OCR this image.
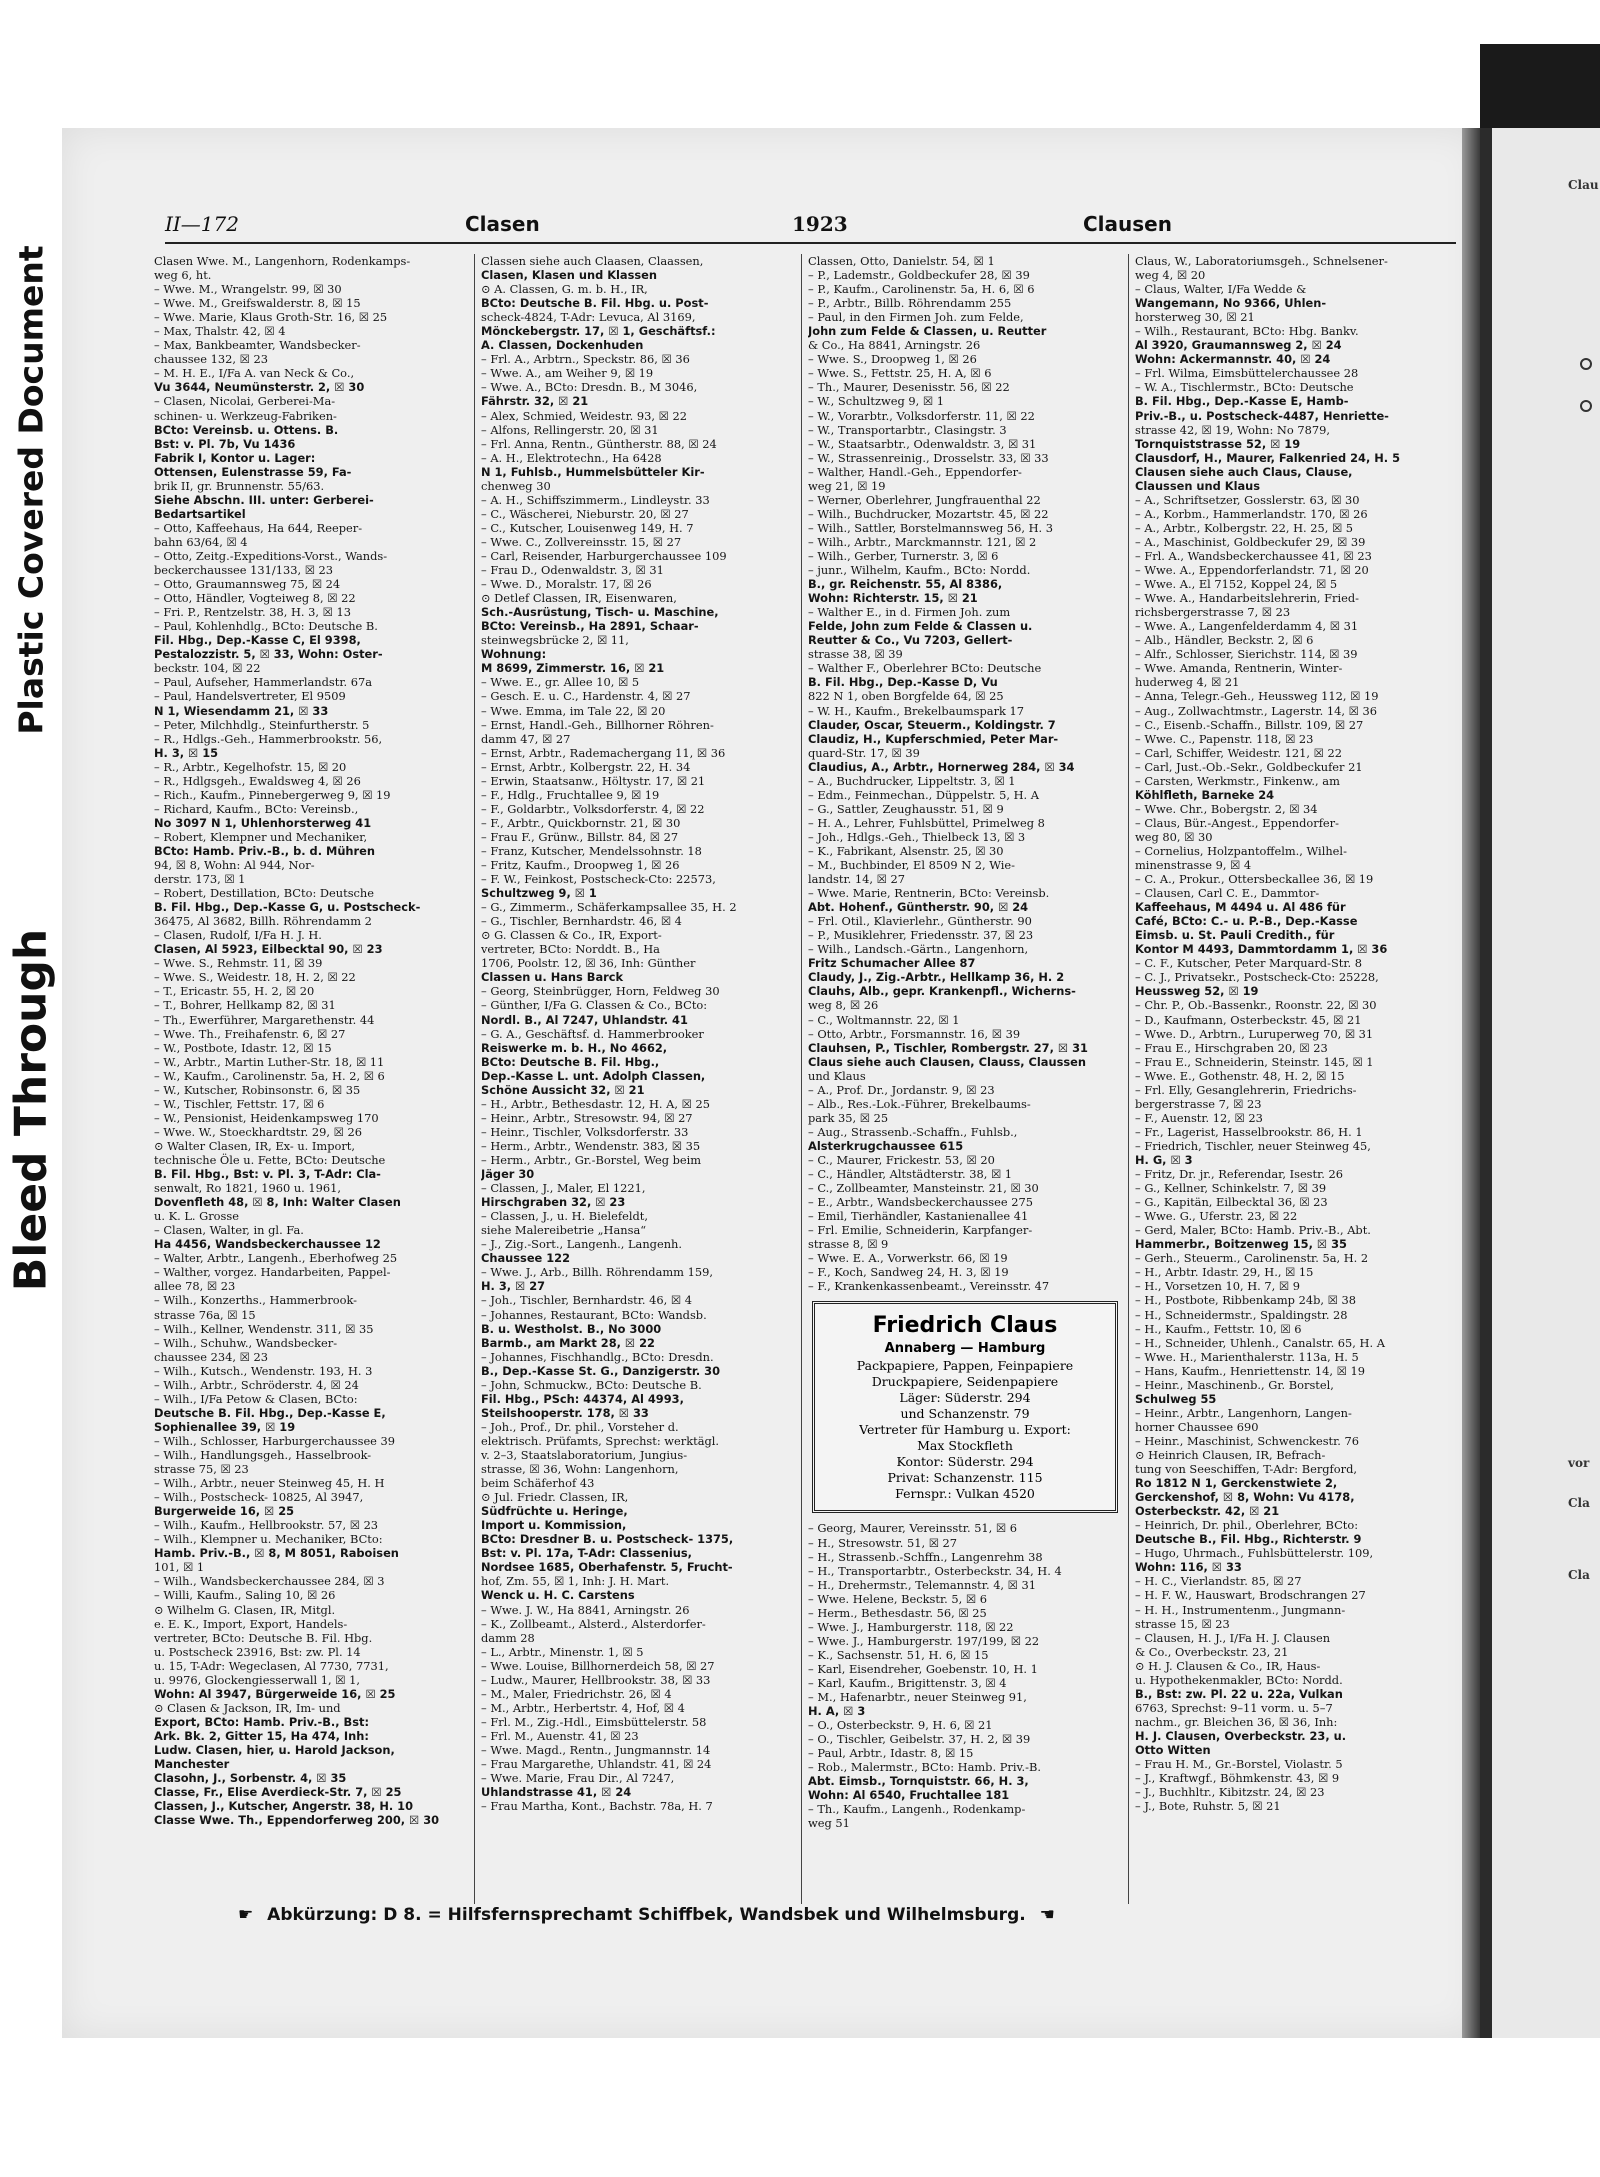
Plastic Covered Document
Bleed Through
Clau
vor
Cla
Cla
II—172	Clasen	1923	Clausen
Clasen Wwe. M., Langenhorn, Rodenkamps-
weg 6, ht.
– Wwe. M., Wrangelstr. 99, ☒ 30
– Wwe. M., Greifswalderstr. 8, ☒ 15
– Wwe. Marie, Klaus Groth-Str. 16, ☒ 25
– Max, Thalstr. 42, ☒ 4
– Max, Bankbeamter, Wandsbecker-
chaussee 132, ☒ 23
– M. H. E., I/Fa A. van Neck & Co.,
Vu 3644, Neumünsterstr. 2, ☒ 30
– Clasen, Nicolai, Gerberei-Ma-
schinen- u. Werkzeug-Fabriken-
BCto: Vereinsb. u. Ottens. B.
Bst: v. Pl. 7b, Vu 1436
Fabrik I, Kontor u. Lager:
Ottensen, Eulenstrasse 59, Fa-
brik II, gr. Brunnenstr. 55/63.
Siehe Abschn. III. unter: Gerberei-
Bedartsartikel
– Otto, Kaffeehaus, Ha 644, Reeper-
bahn 63/64, ☒ 4
– Otto, Zeitg.-Expeditions-Vorst., Wands-
beckerchaussee 131/133, ☒ 23
– Otto, Graumannsweg 75, ☒ 24
– Otto, Händler, Vogteiweg 8, ☒ 22
– Fri. P., Rentzelstr. 38, H. 3, ☒ 13
– Paul, Kohlenhdlg., BCto: Deutsche B.
Fil. Hbg., Dep.-Kasse C, El 9398,
Pestalozzistr. 5, ☒ 33, Wohn: Oster-
beckstr. 104, ☒ 22
– Paul, Aufseher, Hammerlandstr. 67a
– Paul, Handelsvertreter, El 9509
N 1, Wiesendamm 21, ☒ 33
– Peter, Milchhdlg., Steinfurtherstr. 5
– R., Hdlgs.-Geh., Hammerbrookstr. 56,
H. 3, ☒ 15
– R., Arbtr., Kegelhofstr. 15, ☒ 20
– R., Hdlgsgeh., Ewaldsweg 4, ☒ 26
– Rich., Kaufm., Pinnebergerweg 9, ☒ 19
– Richard, Kaufm., BCto: Vereinsb.,
No 3097 N 1, Uhlenhorsterweg 41
– Robert, Klempner und Mechaniker,
BCto: Hamb. Priv.-B., b. d. Mühren
94, ☒ 8, Wohn: Al 944, Nor-
derstr. 173, ☒ 1
– Robert, Destillation, BCto: Deutsche
B. Fil. Hbg., Dep.-Kasse G, u. Postscheck-
36475, Al 3682, Billh. Röhrendamm 2
– Clasen, Rudolf, I/Fa H. J. H.
Clasen, Al 5923, Eilbecktal 90, ☒ 23
– Wwe. S., Rehmstr. 11, ☒ 39
– Wwe. S., Weidestr. 18, H. 2, ☒ 22
– T., Ericastr. 55, H. 2, ☒ 20
– T., Bohrer, Hellkamp 82, ☒ 31
– Th., Ewerführer, Margarethenstr. 44
– Wwe. Th., Freihafenstr. 6, ☒ 27
– W., Postbote, Idastr. 12, ☒ 15
– W., Arbtr., Martin Luther-Str. 18, ☒ 11
– W., Kaufm., Carolinenstr. 5a, H. 2, ☒ 6
– W., Kutscher, Robinsonstr. 6, ☒ 35
– W., Tischler, Fettstr. 17, ☒ 6
– W., Pensionist, Heidenkampsweg 170
– Wwe. W., Stoeckhardtstr. 29, ☒ 26
⊙ Walter Clasen, IR, Ex- u. Import,
technische Öle u. Fette, BCto: Deutsche
B. Fil. Hbg., Bst: v. Pl. 3, T-Adr: Cla-
senwalt, Ro 1821, 1960 u. 1961,
Dovenfleth 48, ☒ 8, Inh: Walter Clasen
u. K. L. Grosse
– Clasen, Walter, in gl. Fa.
Ha 4456, Wandsbeckerchaussee 12
– Walter, Arbtr., Langenh., Eberhofweg 25
– Walther, vorgez. Handarbeiten, Pappel-
allee 78, ☒ 23
– Wilh., Konzerths., Hammerbrook-
strasse 76a, ☒ 15
– Wilh., Kellner, Wendenstr. 311, ☒ 35
– Wilh., Schuhw., Wandsbecker-
chaussee 234, ☒ 23
– Wilh., Kutsch., Wendenstr. 193, H. 3
– Wilh., Arbtr., Schröderstr. 4, ☒ 24
– Wilh., I/Fa Petow & Clasen, BCto:
Deutsche B. Fil. Hbg., Dep.-Kasse E,
Sophienallee 39, ☒ 19
– Wilh., Schlosser, Harburgerchaussee 39
– Wilh., Handlungsgeh., Hasselbrook-
strasse 75, ☒ 23
– Wilh., Arbtr., neuer Steinweg 45, H. H
– Wilh., Postscheck- 10825, Al 3947,
Burgerweide 16, ☒ 25
– Wilh., Kaufm., Hellbrookstr. 57, ☒ 23
– Wilh., Klempner u. Mechaniker, BCto:
Hamb. Priv.-B., ☒ 8, M 8051, Raboisen
101, ☒ 1
– Wilh., Wandsbeckerchaussee 284, ☒ 3
– Willi, Kaufm., Saling 10, ☒ 26
⊙ Wilhelm G. Clasen, IR, Mitgl.
e. E. K., Import, Export, Handels-
vertreter, BCto: Deutsche B. Fil. Hbg.
u. Postscheck 23916, Bst: zw. Pl. 14
u. 15, T-Adr: Wegeclasen, Al 7730, 7731,
u. 9976, Glockengiesserwall 1, ☒ 1,
Wohn: Al 3947, Bürgerweide 16, ☒ 25
⊙ Clasen & Jackson, IR, Im- und
Export, BCto: Hamb. Priv.-B., Bst:
Ark. Bk. 2, Gitter 15, Ha 474, Inh:
Ludw. Clasen, hier, u. Harold Jackson,
Manchester
Clasohn, J., Sorbenstr. 4, ☒ 35
Classe, Fr., Elise Averdieck-Str. 7, ☒ 25
Classen, J., Kutscher, Angerstr. 38, H. 10
Classe Wwe. Th., Eppendorferweg 200, ☒ 30
Classen siehe auch Claasen, Claassen,
Clasen, Klasen und Klassen
⊙ A. Classen, G. m. b. H., IR,
BCto: Deutsche B. Fil. Hbg. u. Post-
scheck-4824, T-Adr: Levuca, Al 3169,
Mönckebergstr. 17, ☒ 1, Geschäftsf.:
A. Classen, Dockenhuden
– Frl. A., Arbtrn., Speckstr. 86, ☒ 36
– Wwe. A., am Weiher 9, ☒ 19
– Wwe. A., BCto: Dresdn. B., M 3046,
Fährstr. 32, ☒ 21
– Alex, Schmied, Weidestr. 93, ☒ 22
– Alfons, Rellingerstr. 20, ☒ 31
– Frl. Anna, Rentn., Güntherstr. 88, ☒ 24
– A. H., Elektrotechn., Ha 6428
N 1, Fuhlsb., Hummelsbütteler Kir-
chenweg 30
– A. H., Schiffszimmerm., Lindleystr. 33
– C., Wäscherei, Nieburstr. 20, ☒ 27
– C., Kutscher, Louisenweg 149, H. 7
– Wwe. C., Zollvereinsstr. 15, ☒ 27
– Carl, Reisender, Harburgerchaussee 109
– Frau D., Odenwaldstr. 3, ☒ 31
– Wwe. D., Moralstr. 17, ☒ 26
⊙ Detlef Classen, IR, Eisenwaren,
Sch.-Ausrüstung, Tisch- u. Maschine,
BCto: Vereinsb., Ha 2891, Schaar-
steinwegsbrücke 2, ☒ 11,
Wohnung:
M 8699, Zimmerstr. 16, ☒ 21
– Wwe. E., gr. Allee 10, ☒ 5
– Gesch. E. u. C., Hardenstr. 4, ☒ 27
– Wwe. Emma, im Tale 22, ☒ 20
– Ernst, Handl.-Geh., Billhorner Röhren-
damm 47, ☒ 27
– Ernst, Arbtr., Rademachergang 11, ☒ 36
– Ernst, Arbtr., Kolbergstr. 22, H. 34
– Erwin, Staatsanw., Höltystr. 17, ☒ 21
– F., Hdlg., Fruchtallee 9, ☒ 19
– F., Goldarbtr., Volksdorferstr. 4, ☒ 22
– F., Arbtr., Quickbornstr. 21, ☒ 30
– Frau F., Grünw., Billstr. 84, ☒ 27
– Franz, Kutscher, Mendelssohnstr. 18
– Fritz, Kaufm., Droopweg 1, ☒ 26
– F. W., Feinkost, Postscheck-Cto: 22573,
Schultzweg 9, ☒ 1
– G., Zimmerm., Schäferkampsallee 35, H. 2
– G., Tischler, Bernhardstr. 46, ☒ 4
⊙ G. Classen & Co., IR, Export-
vertreter, BCto: Norddt. B., Ha
1706, Poolstr. 12, ☒ 36, Inh: Günther
Classen u. Hans Barck
– Georg, Steinbrügger, Horn, Feldweg 30
– Günther, I/Fa G. Classen & Co., BCto:
Nordl. B., Al 7247, Uhlandstr. 41
– G. A., Geschäftsf. d. Hammerbrooker
Reiswerke m. b. H., No 4662,
BCto: Deutsche B. Fil. Hbg.,
Dep.-Kasse L. unt. Adolph Classen,
Schöne Aussicht 32, ☒ 21
– H., Arbtr., Bethesdastr. 12, H. A, ☒ 25
– Heinr., Arbtr., Stresowstr. 94, ☒ 27
– Heinr., Tischler, Volksdorferstr. 33
– Herm., Arbtr., Wendenstr. 383, ☒ 35
– Herm., Arbtr., Gr.-Borstel, Weg beim
Jäger 30
– Classen, J., Maler, El 1221,
Hirschgraben 32, ☒ 23
– Classen, J., u. H. Bielefeldt,
siehe Malereibetrie „Hansa“
– J., Zig.-Sort., Langenh., Langenh.
Chaussee 122
– Wwe. J., Arb., Billh. Röhrendamm 159,
H. 3, ☒ 27
– Joh., Tischler, Bernhardstr. 46, ☒ 4
– Johannes, Restaurant, BCto: Wandsb.
B. u. Westholst. B., No 3000
Barmb., am Markt 28, ☒ 22
– Johannes, Fischhandlg., BCto: Dresdn.
B., Dep.-Kasse St. G., Danzigerstr. 30
– John, Schmuckw., BCto: Deutsche B.
Fil. Hbg., PSch: 44374, Al 4993,
Steilshooperstr. 178, ☒ 33
– Joh., Prof., Dr. phil., Vorsteher d.
elektrisch. Prüfamts, Sprechst: werktägl.
v. 2–3, Staatslaboratorium, Jungius-
strasse, ☒ 36, Wohn: Langenhorn,
beim Schäferhof 43
⊙ Jul. Friedr. Classen, IR,
Südfrüchte u. Heringe,
Import u. Kommission,
BCto: Dresdner B. u. Postscheck- 1375,
Bst: v. Pl. 17a, T-Adr: Classenius,
Nordsee 1685, Oberhafenstr. 5, Frucht-
hof, Zm. 55, ☒ 1, Inh: J. H. Mart.
Wenck u. H. C. Carstens
– Wwe. J. W., Ha 8841, Arningstr. 26
– K., Zollbeamt., Alsterd., Alsterdorfer-
damm 28
– L., Arbtr., Minenstr. 1, ☒ 5
– Wwe. Louise, Billhornerdeich 58, ☒ 27
– Ludw., Maurer, Hellbrookstr. 38, ☒ 33
– M., Maler, Friedrichstr. 26, ☒ 4
– M., Arbtr., Herbertstr. 4, Hof, ☒ 4
– Frl. M., Zig.-Hdl., Eimsbüttelerstr. 58
– Frl. M., Auenstr. 41, ☒ 23
– Wwe. Magd., Rentn., Jungmannstr. 14
– Frau Margarethe, Uhlandstr. 41, ☒ 24
– Wwe. Marie, Frau Dir., Al 7247,
Uhlandstrasse 41, ☒ 24
– Frau Martha, Kont., Bachstr. 78a, H. 7
Classen, Otto, Danielstr. 54, ☒ 1
– P., Lademstr., Goldbeckufer 28, ☒ 39
– P., Kaufm., Carolinenstr. 5a, H. 6, ☒ 6
– P., Arbtr., Billb. Röhrendamm 255
– Paul, in den Firmen Joh. zum Felde,
John zum Felde & Classen, u. Reutter
& Co., Ha 8841, Arningstr. 26
– Wwe. S., Droopweg 1, ☒ 26
– Wwe. S., Fettstr. 25, H. A, ☒ 6
– Th., Maurer, Desenisstr. 56, ☒ 22
– W., Schultzweg 9, ☒ 1
– W., Vorarbtr., Volksdorferstr. 11, ☒ 22
– W., Transportarbtr., Clasingstr. 3
– W., Staatsarbtr., Odenwaldstr. 3, ☒ 31
– W., Strassenreinig., Drosselstr. 33, ☒ 33
– Walther, Handl.-Geh., Eppendorfer-
weg 21, ☒ 19
– Werner, Oberlehrer, Jungfrauenthal 22
– Wilh., Buchdrucker, Mozartstr. 45, ☒ 22
– Wilh., Sattler, Borstelmannsweg 56, H. 3
– Wilh., Arbtr., Marckmannstr. 121, ☒ 2
– Wilh., Gerber, Turnerstr. 3, ☒ 6
– junr., Wilhelm, Kaufm., BCto: Nordd.
B., gr. Reichenstr. 55, Al 8386,
Wohn: Richterstr. 15, ☒ 21
– Walther E., in d. Firmen Joh. zum
Felde, John zum Felde & Classen u.
Reutter & Co., Vu 7203, Gellert-
strasse 38, ☒ 39
– Walther F., Oberlehrer BCto: Deutsche
B. Fil. Hbg., Dep.-Kasse D, Vu
822 N 1, oben Borgfelde 64, ☒ 25
– W. H., Kaufm., Brekelbaumspark 17
Clauder, Oscar, Steuerm., Koldingstr. 7
Claudiz, H., Kupferschmied, Peter Mar-
quard-Str. 17, ☒ 39
Claudius, A., Arbtr., Hornerweg 284, ☒ 34
– A., Buchdrucker, Lippeltstr. 3, ☒ 1
– Edm., Feinmechan., Düppelstr. 5, H. A
– G., Sattler, Zeughausstr. 51, ☒ 9
– H. A., Lehrer, Fuhlsbüttel, Primelweg 8
– Joh., Hdlgs.-Geh., Thielbeck 13, ☒ 3
– K., Fabrikant, Alsenstr. 25, ☒ 30
– M., Buchbinder, El 8509 N 2, Wie-
landstr. 14, ☒ 27
– Wwe. Marie, Rentnerin, BCto: Vereinsb.
Abt. Hohenf., Güntherstr. 90, ☒ 24
– Frl. Otil., Klavierlehr., Güntherstr. 90
– P., Musiklehrer, Friedensstr. 37, ☒ 23
– Wilh., Landsch.-Gärtn., Langenhorn,
Fritz Schumacher Allee 87
Claudy, J., Zig.-Arbtr., Hellkamp 36, H. 2
Clauhs, Alb., gepr. Krankenpfl., Wicherns-
weg 8, ☒ 26
– C., Woltmannstr. 22, ☒ 1
– Otto, Arbtr., Forsmannstr. 16, ☒ 39
Clauhsen, P., Tischler, Rombergstr. 27, ☒ 31
Claus siehe auch Clausen, Clauss, Claussen
und Klaus
– A., Prof. Dr., Jordanstr. 9, ☒ 23
– Alb., Res.-Lok.-Führer, Brekelbaums-
park 35, ☒ 25
– Aug., Strassenb.-Schaffn., Fuhlsb.,
Alsterkrugchaussee 615
– C., Maurer, Frickestr. 53, ☒ 20
– C., Händler, Altstädterstr. 38, ☒ 1
– C., Zollbeamter, Mansteinstr. 21, ☒ 30
– E., Arbtr., Wandsbeckerchaussee 275
– Emil, Tierhändler, Kastanienallee 41
– Frl. Emilie, Schneiderin, Karpfanger-
strasse 8, ☒ 9
– Wwe. E. A., Vorwerkstr. 66, ☒ 19
– F., Koch, Sandweg 24, H. 3, ☒ 19
– F., Krankenkassenbeamt., Vereinsstr. 47
Friedrich Claus
Annaberg — Hamburg
Packpapiere, Pappen, Feinpapiere
Druckpapiere, Seidenpapiere
Läger: Süderstr. 294
und Schanzenstr. 79
Vertreter für Hamburg u. Export:
Max Stockfleth
Kontor: Süderstr. 294
Privat: Schanzenstr. 115
Fernspr.: Vulkan 4520
– Georg, Maurer, Vereinsstr. 51, ☒ 6
– H., Stresowstr. 51, ☒ 27
– H., Strassenb.-Schffn., Langenrehm 38
– H., Transportarbtr., Osterbeckstr. 34, H. 4
– H., Drehermstr., Telemannstr. 4, ☒ 31
– Wwe. Helene, Beckstr. 5, ☒ 6
– Herm., Bethesdastr. 56, ☒ 25
– Wwe. J., Hamburgerstr. 118, ☒ 22
– Wwe. J., Hamburgerstr. 197/199, ☒ 22
– K., Sachsenstr. 51, H. 6, ☒ 15
– Karl, Eisendreher, Goebenstr. 10, H. 1
– Karl, Kaufm., Brigittenstr. 3, ☒ 4
– M., Hafenarbtr., neuer Steinweg 91,
H. A, ☒ 3
– O., Osterbeckstr. 9, H. 6, ☒ 21
– O., Tischler, Geibelstr. 37, H. 2, ☒ 39
– Paul, Arbtr., Idastr. 8, ☒ 15
– Rob., Malermstr., BCto: Hamb. Priv.-B.
Abt. Eimsb., Tornquiststr. 66, H. 3,
Wohn: Al 6540, Fruchtallee 181
– Th., Kaufm., Langenh., Rodenkamp-
weg 51
Claus, W., Laboratoriumsgeh., Schnelsener-
weg 4, ☒ 20
– Claus, Walter, I/Fa Wedde &
Wangemann, No 9366, Uhlen-
horsterweg 30, ☒ 21
– Wilh., Restaurant, BCto: Hbg. Bankv.
Al 3920, Graumannsweg 2, ☒ 24
Wohn: Ackermannstr. 40, ☒ 24
– Frl. Wilma, Eimsbüttelerchaussee 28
– W. A., Tischlermstr., BCto: Deutsche
B. Fil. Hbg., Dep.-Kasse E, Hamb-
Priv.-B., u. Postscheck-4487, Henriette-
strasse 42, ☒ 19, Wohn: No 7879,
Tornquiststrasse 52, ☒ 19
Clausdorf, H., Maurer, Falkenried 24, H. 5
Clausen siehe auch Claus, Clause,
Claussen und Klaus
– A., Schriftsetzer, Gosslerstr. 63, ☒ 30
– A., Korbm., Hammerlandstr. 170, ☒ 26
– A., Arbtr., Kolbergstr. 22, H. 25, ☒ 5
– A., Maschinist, Goldbeckufer 29, ☒ 39
– Frl. A., Wandsbeckerchaussee 41, ☒ 23
– Wwe. A., Eppendorferlandstr. 71, ☒ 20
– Wwe. A., El 7152, Koppel 24, ☒ 5
– Wwe. A., Handarbeitslehrerin, Fried-
richsbergerstrasse 7, ☒ 23
– Wwe. A., Langenfelderdamm 4, ☒ 31
– Alb., Händler, Beckstr. 2, ☒ 6
– Alfr., Schlosser, Sierichstr. 114, ☒ 39
– Wwe. Amanda, Rentnerin, Winter-
huderweg 4, ☒ 21
– Anna, Telegr.-Geh., Heussweg 112, ☒ 19
– Aug., Zollwachtmstr., Lagerstr. 14, ☒ 36
– C., Eisenb.-Schaffn., Billstr. 109, ☒ 27
– Wwe. C., Papenstr. 118, ☒ 23
– Carl, Schiffer, Weidestr. 121, ☒ 22
– Carl, Just.-Ob.-Sekr., Goldbeckufer 21
– Carsten, Werkmstr., Finkenw., am
Köhlfleth, Barneke 24
– Wwe. Chr., Bobergstr. 2, ☒ 34
– Claus, Bür.-Angest., Eppendorfer-
weg 80, ☒ 30
– Cornelius, Holzpantoffelm., Wilhel-
minenstrasse 9, ☒ 4
– C. A., Prokur., Ottersbeckallee 36, ☒ 19
– Clausen, Carl C. E., Dammtor-
Kaffeehaus, M 4494 u. Al 486 für
Café, BCto: C.- u. P.-B., Dep.-Kasse
Eimsb. u. St. Pauli Credith., für
Kontor M 4493, Dammtordamm 1, ☒ 36
– C. F., Kutscher, Peter Marquard-Str. 8
– C. J., Privatsekr., Postscheck-Cto: 25228,
Heussweg 52, ☒ 19
– Chr. P., Ob.-Bassenkr., Roonstr. 22, ☒ 30
– D., Kaufmann, Osterbeckstr. 45, ☒ 21
– Wwe. D., Arbtrn., Luruperweg 70, ☒ 31
– Frau E., Hirschgraben 20, ☒ 23
– Frau E., Schneiderin, Steinstr. 145, ☒ 1
– Wwe. E., Gothenstr. 48, H. 2, ☒ 15
– Frl. Elly, Gesanglehrerin, Friedrichs-
bergerstrasse 7, ☒ 23
– F., Auenstr. 12, ☒ 23
– Fr., Lagerist, Hasselbrookstr. 86, H. 1
– Friedrich, Tischler, neuer Steinweg 45,
H. G, ☒ 3
– Fritz, Dr. jr., Referendar, Isestr. 26
– G., Kellner, Schinkelstr. 7, ☒ 39
– G., Kapitän, Eilbecktal 36, ☒ 23
– Wwe. G., Uferstr. 23, ☒ 22
– Gerd, Maler, BCto: Hamb. Priv.-B., Abt.
Hammerbr., Boitzenweg 15, ☒ 35
– Gerh., Steuerm., Carolinenstr. 5a, H. 2
– H., Arbtr. Idastr. 29, H., ☒ 15
– H., Vorsetzen 10, H. 7, ☒ 9
– H., Postbote, Ribbenkamp 24b, ☒ 38
– H., Schneidermstr., Spaldingstr. 28
– H., Kaufm., Fettstr. 10, ☒ 6
– H., Schneider, Uhlenh., Canalstr. 65, H. A
– Wwe. H., Marienthalerstr. 113a, H. 5
– Hans, Kaufm., Henriettenstr. 14, ☒ 19
– Heinr., Maschinenb., Gr. Borstel,
Schulweg 55
– Heinr., Arbtr., Langenhorn, Langen-
horner Chaussee 690
– Heinr., Maschinist, Schwenckestr. 76
⊙ Heinrich Clausen, IR, Befrach-
tung von Seeschiffen, T-Adr: Bergford,
Ro 1812 N 1, Gerckenstwiete 2,
Gerckenshof, ☒ 8, Wohn: Vu 4178,
Osterbeckstr. 42, ☒ 21
– Heinrich, Dr. phil., Oberlehrer, BCto:
Deutsche B., Fil. Hbg., Richterstr. 9
– Hugo, Uhrmach., Fuhlsbüttelerstr. 109,
Wohn: 116, ☒ 33
– H. C., Vierlandstr. 85, ☒ 27
– H. F. W., Hauswart, Brodschrangen 27
– H. H., Instrumentenm., Jungmann-
strasse 15, ☒ 23
– Clausen, H. J., I/Fa H. J. Clausen
& Co., Overbeckstr. 23, 21
⊙ H. J. Clausen & Co., IR, Haus-
u. Hypothekenmakler, BCto: Nordd.
B., Bst: zw. Pl. 22 u. 22a, Vulkan
6763, Sprechst: 9–11 vorm. u. 5–7
nachm., gr. Bleichen 36, ☒ 36, Inh:
H. J. Clausen, Overbeckstr. 23, u.
Otto Witten
– Frau H. M., Gr.-Borstel, Violastr. 5
– J., Kraftwgf., Böhmkenstr. 43, ☒ 9
– J., Buchhltr., Kibitzstr. 24, ☒ 23
– J., Bote, Ruhstr. 5, ☒ 21
☛ Abkürzung: D 8. = Hilfsfernsprechamt Schiffbek, Wandsbek und Wilhelmsburg. ☚
